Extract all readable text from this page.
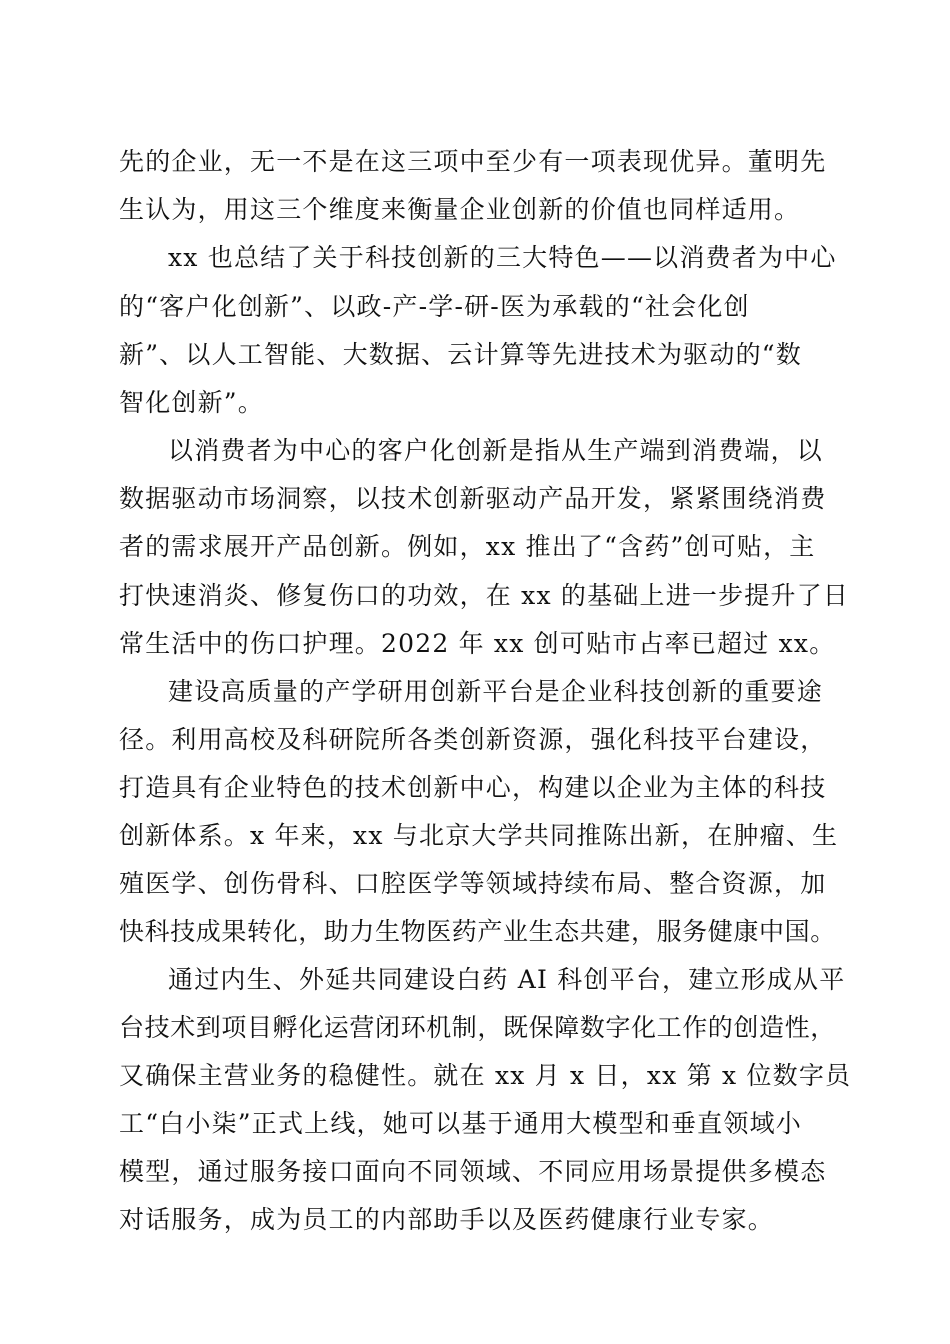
先的企业，无一不是在这三项中至少有一项表现优异。董明先
生认为，用这三个维度来衡量企业创新的价值也同样适用。
xx 也总结了关于科技创新的三大特色——以消费者为中心
的“客户化创新”、以政-产-学-研-医为承载的“社会化创
新”、以人工智能、大数据、云计算等先进技术为驱动的“数
智化创新”。
以消费者为中心的客户化创新是指从生产端到消费端，以
数据驱动市场洞察，以技术创新驱动产品开发，紧紧围绕消费
者的需求展开产品创新。例如，xx 推出了“含药”创可贴，主
打快速消炎、修复伤口的功效，在 xx 的基础上进一步提升了日
常生活中的伤口护理。2022 年 xx 创可贴市占率已超过 xx。
建设高质量的产学研用创新平台是企业科技创新的重要途
径。利用高校及科研院所各类创新资源，强化科技平台建设，
打造具有企业特色的技术创新中心，构建以企业为主体的科技
创新体系。x 年来，xx 与北京大学共同推陈出新，在肿瘤、生
殖医学、创伤骨科、口腔医学等领域持续布局、整合资源，加
快科技成果转化，助力生物医药产业生态共建，服务健康中国。
通过内生、外延共同建设白药 AI 科创平台，建立形成从平
台技术到项目孵化运营闭环机制，既保障数字化工作的创造性，
又确保主营业务的稳健性。就在 xx 月 x 日，xx 第 x 位数字员
工“白小柒”正式上线，她可以基于通用大模型和垂直领域小
模型，通过服务接口面向不同领域、不同应用场景提供多模态
对话服务，成为员工的内部助手以及医药健康行业专家。
